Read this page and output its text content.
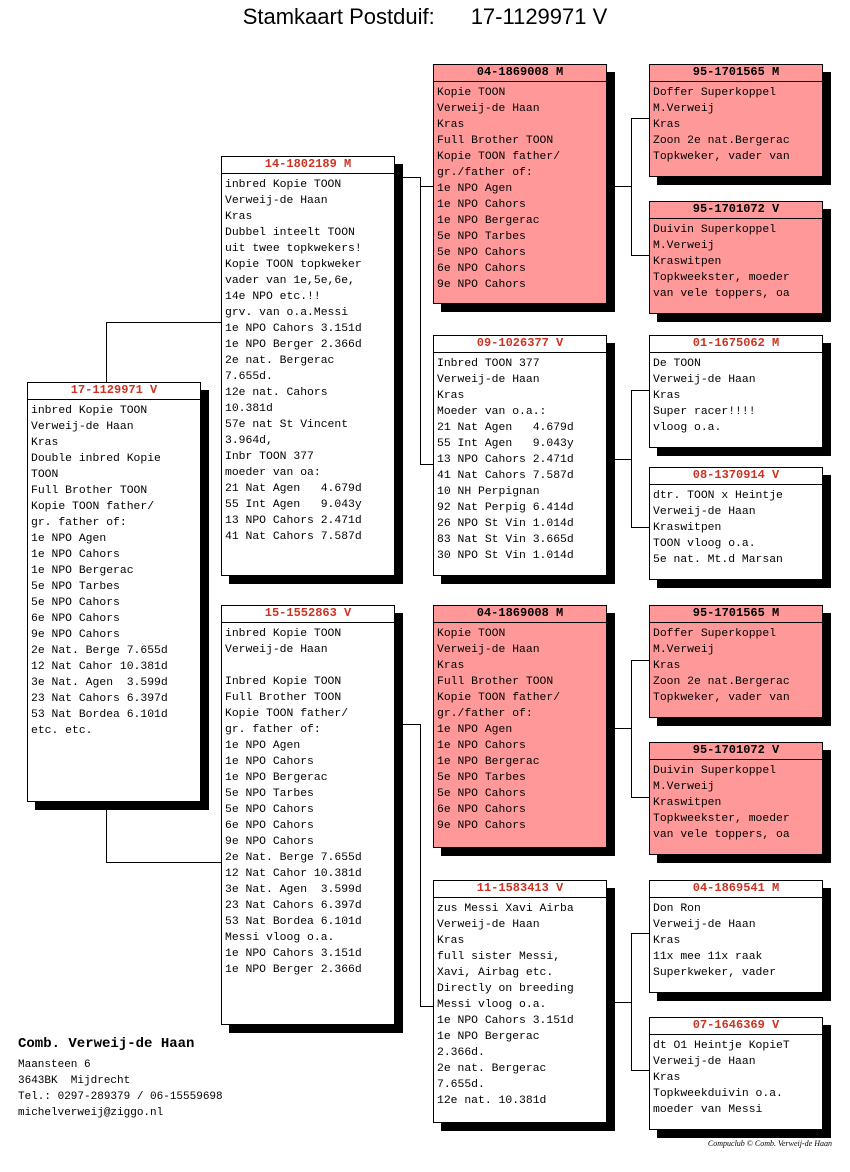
Stamkaart Postduif: 17-1129971 V
17-1129971 V
inbred Kopie TOON
Verweij-de Haan
Kras
Double inbred Kopie
TOON
Full Brother TOON
Kopie TOON father/
gr. father of:
1e NPO Agen
1e NPO Cahors
1e NPO Bergerac
5e NPO Tarbes
5e NPO Cahors
6e NPO Cahors
9e NPO Cahors
2e Nat. Berge 7.655d
12 Nat Cahor 10.381d
3e Nat. Agen  3.599d
23 Nat Cahors 6.397d
53 Nat Bordea 6.101d
etc. etc.
14-1802189 M
inbred Kopie TOON
Verweij-de Haan
Kras
Dubbel inteelt TOON
uit twee topkwekers!
Kopie TOON topkweker
vader van 1e,5e,6e,
14e NPO etc.!!
grv. van o.a.Messi
1e NPO Cahors 3.151d
1e NPO Berger 2.366d
2e nat. Bergerac
7.655d.
12e nat. Cahors
10.381d
57e nat St Vincent
3.964d,
Inbr TOON 377
moeder van oa:
21 Nat Agen   4.679d
55 Int Agen   9.043y
13 NPO Cahors 2.471d
41 Nat Cahors 7.587d
15-1552863 V
inbred Kopie TOON
Verweij-de Haan
Inbred Kopie TOON
Full Brother TOON
Kopie TOON father/
gr. father of:
1e NPO Agen
1e NPO Cahors
1e NPO Bergerac
5e NPO Tarbes
5e NPO Cahors
6e NPO Cahors
9e NPO Cahors
2e Nat. Berge 7.655d
12 Nat Cahor 10.381d
3e Nat. Agen  3.599d
23 Nat Cahors 6.397d
53 Nat Bordea 6.101d
Messi vloog o.a.
1e NPO Cahors 3.151d
1e NPO Berger 2.366d
04-1869008 M
Kopie TOON
Verweij-de Haan
Kras
Full Brother TOON
Kopie TOON father/
gr./father of:
1e NPO Agen
1e NPO Cahors
1e NPO Bergerac
5e NPO Tarbes
5e NPO Cahors
6e NPO Cahors
9e NPO Cahors
09-1026377 V
Inbred TOON 377
Verweij-de Haan
Kras
Moeder van o.a.:
21 Nat Agen   4.679d
55 Int Agen   9.043y
13 NPO Cahors 2.471d
41 Nat Cahors 7.587d
10 NH Perpignan
92 Nat Perpig 6.414d
26 NPO St Vin 1.014d
83 Nat St Vin 3.665d
30 NPO St Vin 1.014d
04-1869008 M
Kopie TOON
Verweij-de Haan
Kras
Full Brother TOON
Kopie TOON father/
gr./father of:
1e NPO Agen
1e NPO Cahors
1e NPO Bergerac
5e NPO Tarbes
5e NPO Cahors
6e NPO Cahors
9e NPO Cahors
11-1583413 V
zus Messi Xavi Airba
Verweij-de Haan
Kras
full sister Messi,
Xavi, Airbag etc.
Directly on breeding
Messi vloog o.a.
1e NPO Cahors 3.151d
1e NPO Bergerac
2.366d.
2e nat. Bergerac
7.655d.
12e nat. 10.381d
95-1701565 M
Doffer Superkoppel
M.Verweij
Kras
Zoon 2e nat.Bergerac
Topkweker, vader van
95-1701072 V
Duivin Superkoppel
M.Verweij
Kraswitpen
Topkweekster, moeder
van vele toppers, oa
01-1675062 M
De TOON
Verweij-de Haan
Kras
Super racer!!!!
vloog o.a.
08-1370914 V
dtr. TOON x Heintje
Verweij-de Haan
Kraswitpen
TOON vloog o.a.
5e nat. Mt.d Marsan
95-1701565 M
Doffer Superkoppel
M.Verweij
Kras
Zoon 2e nat.Bergerac
Topkweker, vader van
95-1701072 V
Duivin Superkoppel
M.Verweij
Kraswitpen
Topkweekster, moeder
van vele toppers, oa
04-1869541 M
Don Ron
Verweij-de Haan
Kras
11x mee 11x raak
Superkweker, vader
07-1646369 V
dt O1 Heintje KopieT
Verweij-de Haan
Kras
Topkweekduivin o.a.
moeder van Messi
Comb. Verweij-de Haan
Maansteen 6
3643BK  Mijdrecht
Tel.: 0297-289379 / 06-15559698
michelverweij@ziggo.nl
Compuclub © Comb. Verweij-de Haan
